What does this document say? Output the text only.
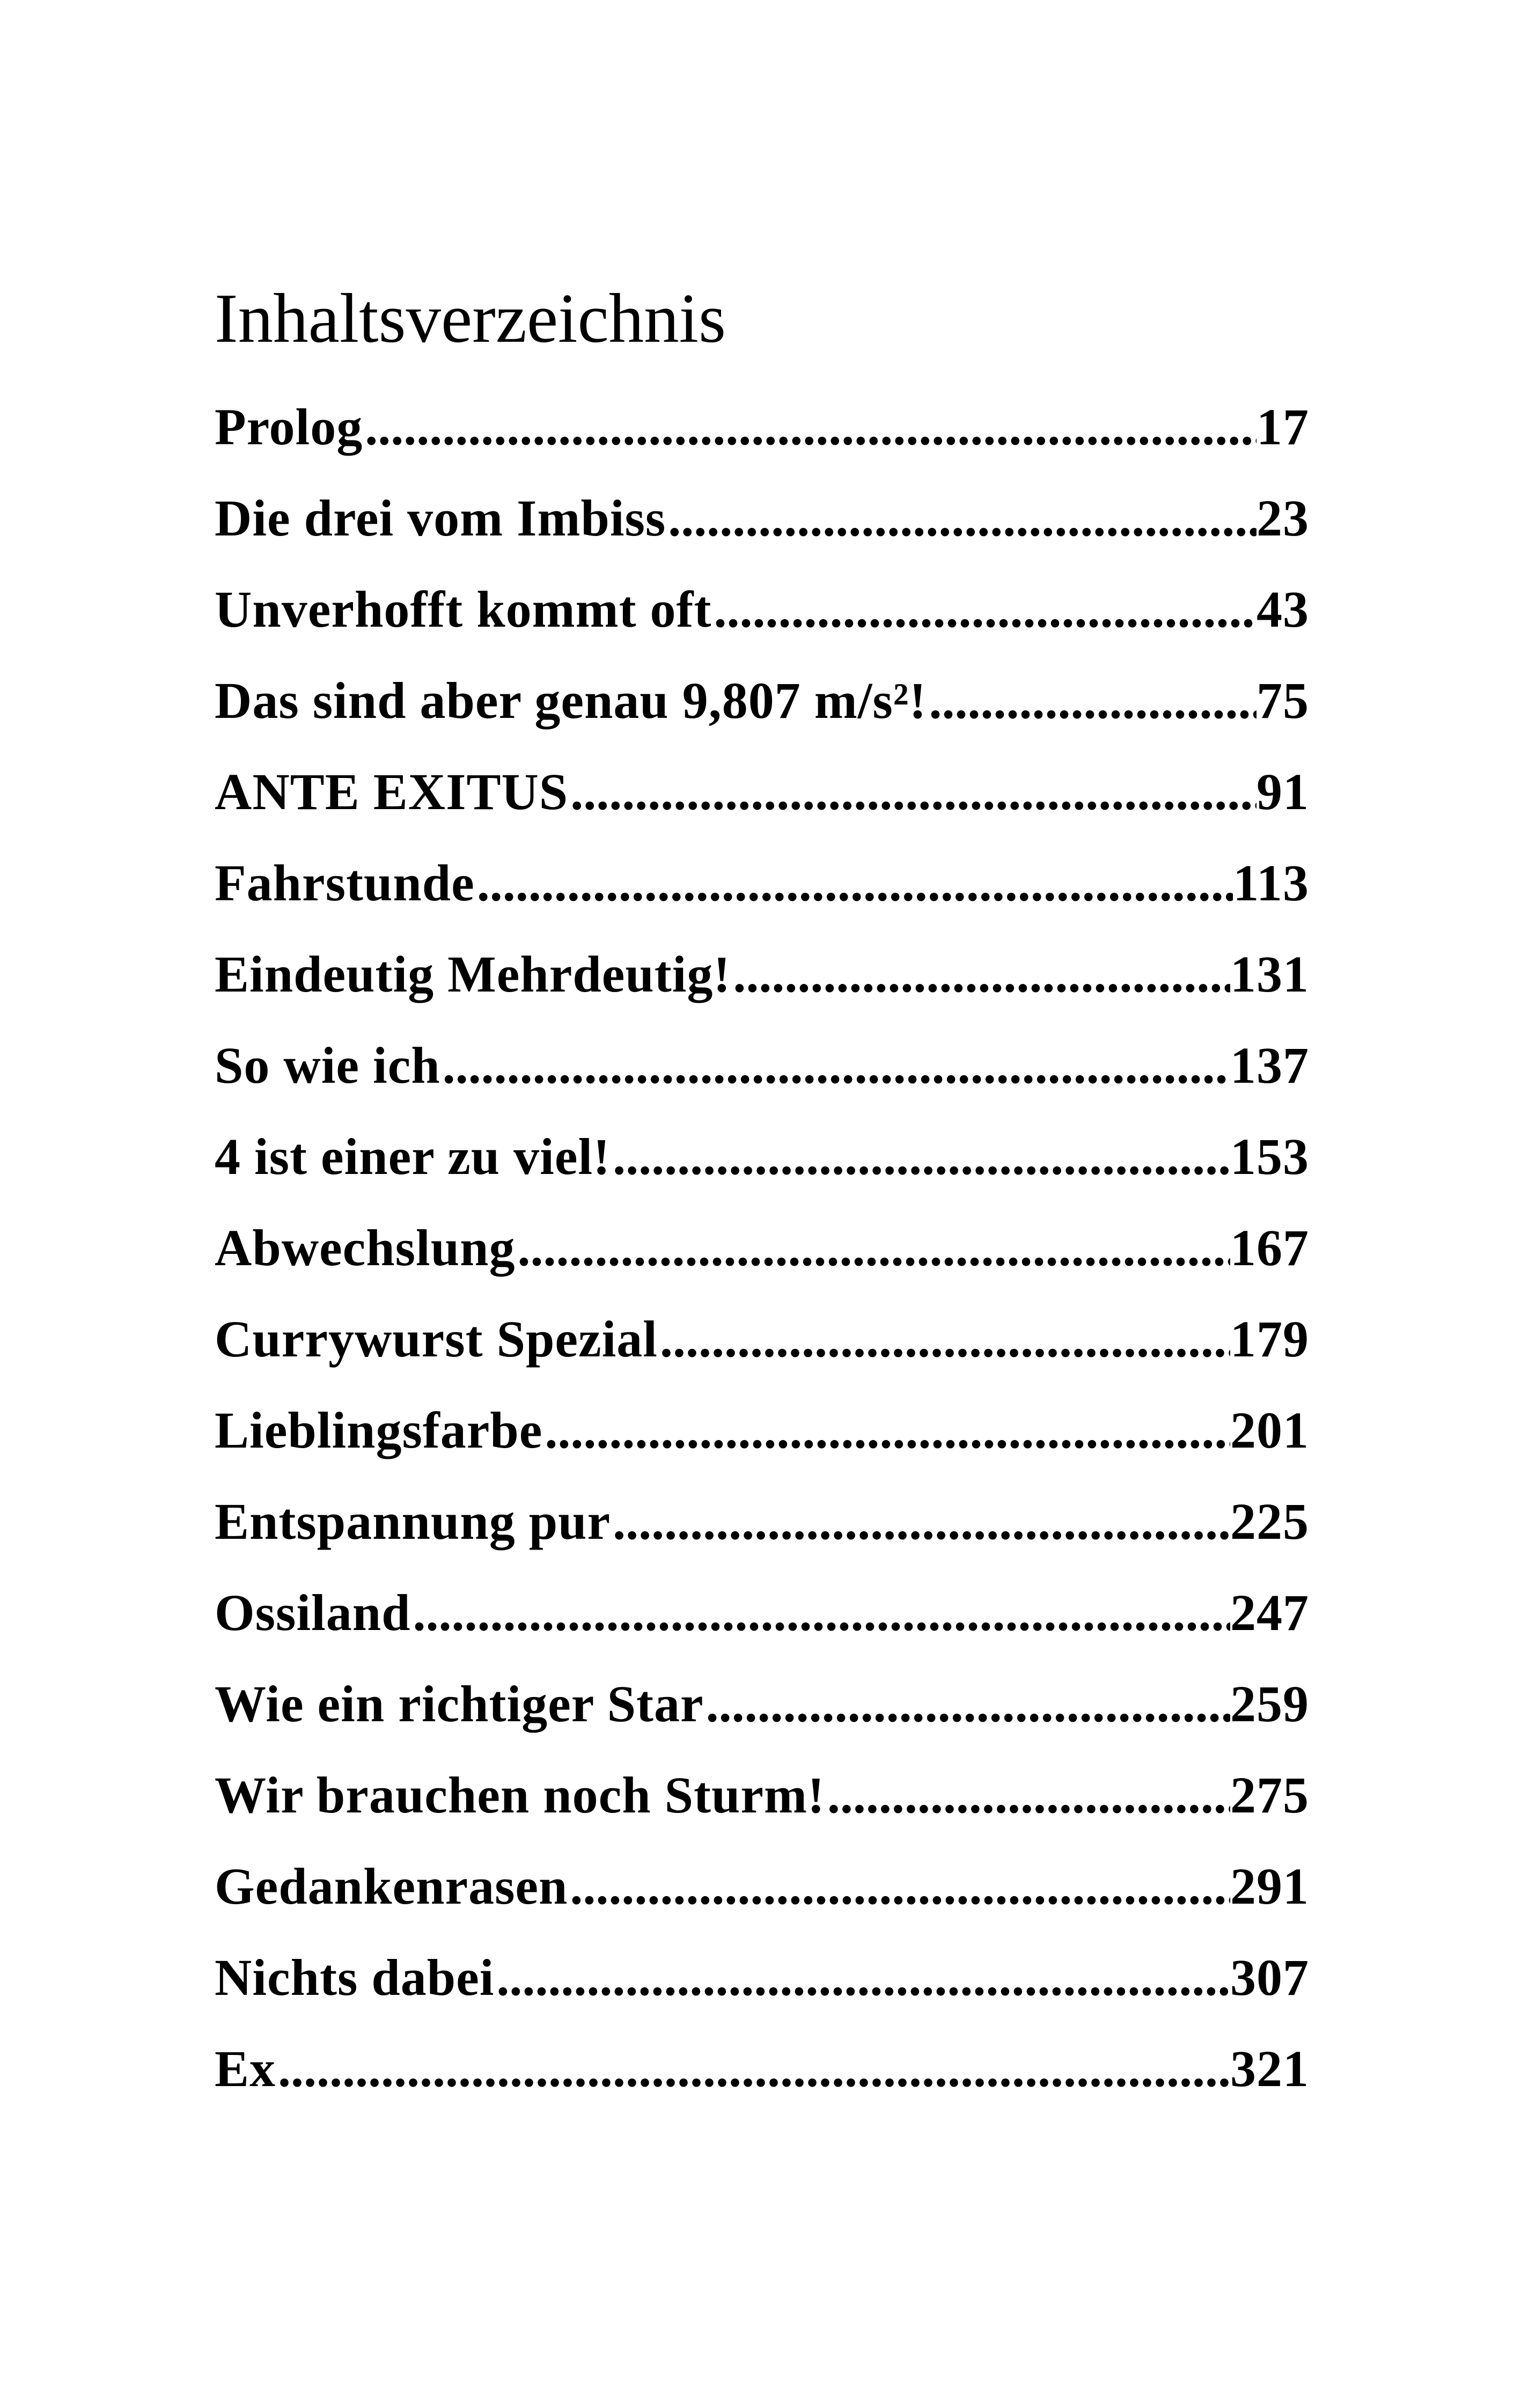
Inhaltsverzeichnis
Prolog .....	17
Die drei vom Imbiss .....	23
Unverhofft kommt oft .....	43
Das sind aber genau 9,807 m/s²! .....	75
ANTE EXITUS .....	91
Fahrstunde .....	113
Eindeutig Mehrdeutig! .....	131
So wie ich .....	137
4 ist einer zu viel! .....	153
Abwechslung .....	167
Currywurst Spezial .....	179
Lieblingsfarbe .....	201
Entspannung pur .....	225
Ossiland .....	247
Wie ein richtiger Star .....	259
Wir brauchen noch Sturm! .....	275
Gedankenrasen .....	291
Nichts dabei .....	307
Ex .....	321
